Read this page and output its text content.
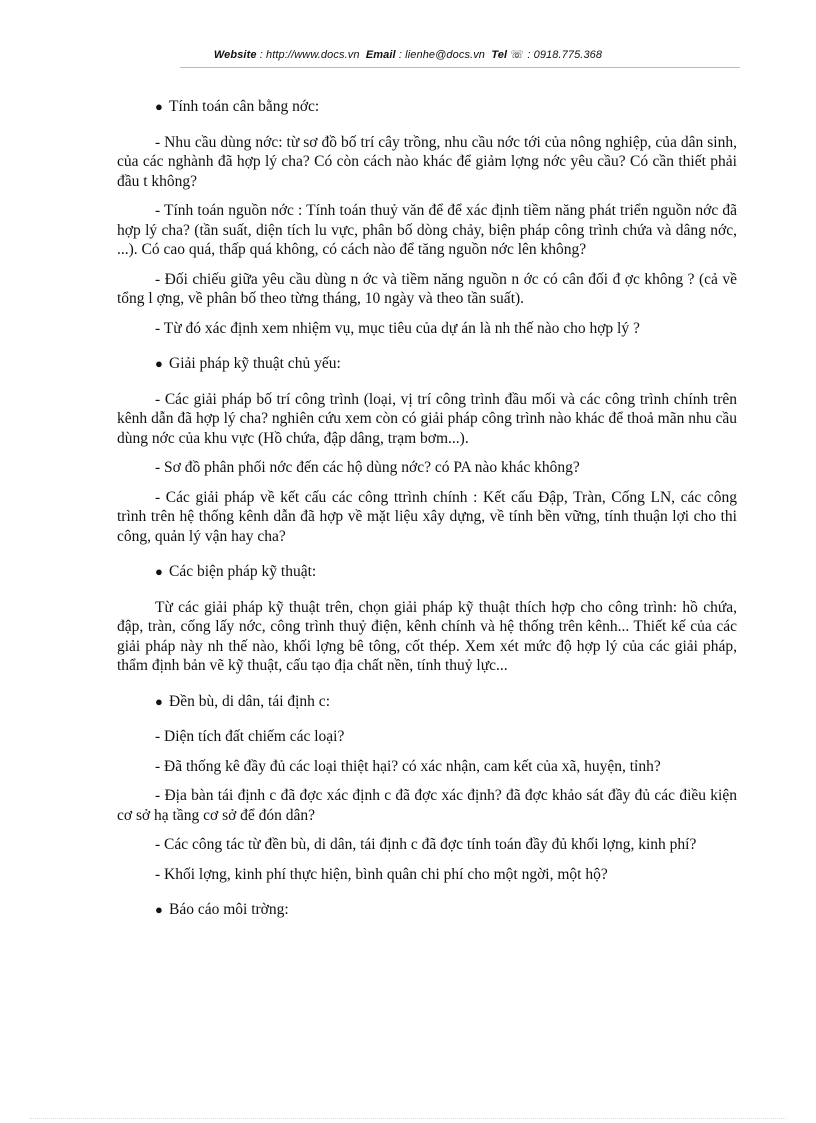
Website : http://www.docs.vn Email : lienhe@docs.vn Tel ☏ : 0918.775.368
● Tính toán cân bằng nớc:
- Nhu cầu dùng nớc: từ sơ đồ bố trí cây trồng, nhu cầu nớc tới của nông nghiệp, của dân sinh, của các nghành đã hợp lý cha? Có còn cách nào khác để giảm lợng nớc yêu cầu? Có cần thiết phải đầu t không?
- Tính toán nguồn nớc : Tính toán thuỷ văn để để xác định tiềm năng phát triển nguồn nớc đã hợp lý cha? (tần suất, diện tích lu vực, phân bố dòng chảy, biện pháp công trình chứa và dâng nớc, ...). Có cao quá, thấp quá không, có cách nào để tăng nguồn nớc lên không?
- Đối chiếu giữa yêu cầu dùng n ớc và tiềm năng nguồn n ớc có cân đối đ ợc không ? (cả về tổng l ợng, về phân bố theo từng tháng, 10 ngày và theo tần suất).
- Từ đó xác định xem nhiệm vụ, mục tiêu của dự án là nh thế nào cho hợp lý ?
● Giải pháp kỹ thuật chủ yếu:
- Các giải pháp bố trí công trình (loại, vị trí công trình đầu mối và các công trình chính trên kênh dẫn đã hợp lý cha? nghiên cứu xem còn có giải pháp công trình nào khác để thoả mãn nhu cầu dùng nớc của khu vực (Hồ chứa, đập dâng, trạm bơm...).
- Sơ đồ phân phối nớc đến các hộ dùng nớc? có PA nào khác không?
- Các giải pháp về kết cấu các công ttrình chính : Kết cấu Đập, Tràn, Cống LN, các công trình trên hệ thống kênh dẫn đã hợp về mặt liệu xây dựng, về tính bền vững, tính thuận lợi cho thi công, quản lý vận hay cha?
● Các biện pháp kỹ thuật:
Từ các giải pháp kỹ thuật trên, chọn giải pháp kỹ thuật thích hợp cho công trình: hồ chứa, đập, tràn, cống lấy nớc, công trình thuỷ điện, kênh chính và hệ thống trên kênh... Thiết kế của các giải pháp này nh thế nào, khối lợng bê tông, cốt thép. Xem xét mức độ hợp lý của các giải pháp, thẩm định bản vẽ kỹ thuật, cấu tạo địa chất nền, tính thuỷ lực...
● Đền bù, di dân, tái định c:
- Diện tích đất chiếm các loại?
- Đã thống kê đầy đủ các loại thiệt hại? có xác nhận, cam kết của xã, huyện, tỉnh?
- Địa bàn tái định c đã đợc xác định c đã đợc xác định? đã đợc khảo sát đầy đủ các điều kiện cơ sở hạ tầng cơ sở để đón dân?
- Các công tác từ đền bù, di dân, tái định c đã đợc tính toán đầy đủ khối lợng, kinh phí?
- Khối lợng, kinh phí thực hiện, bình quân chi phí cho một ngời, một hộ?
● Báo cáo môi trờng:
